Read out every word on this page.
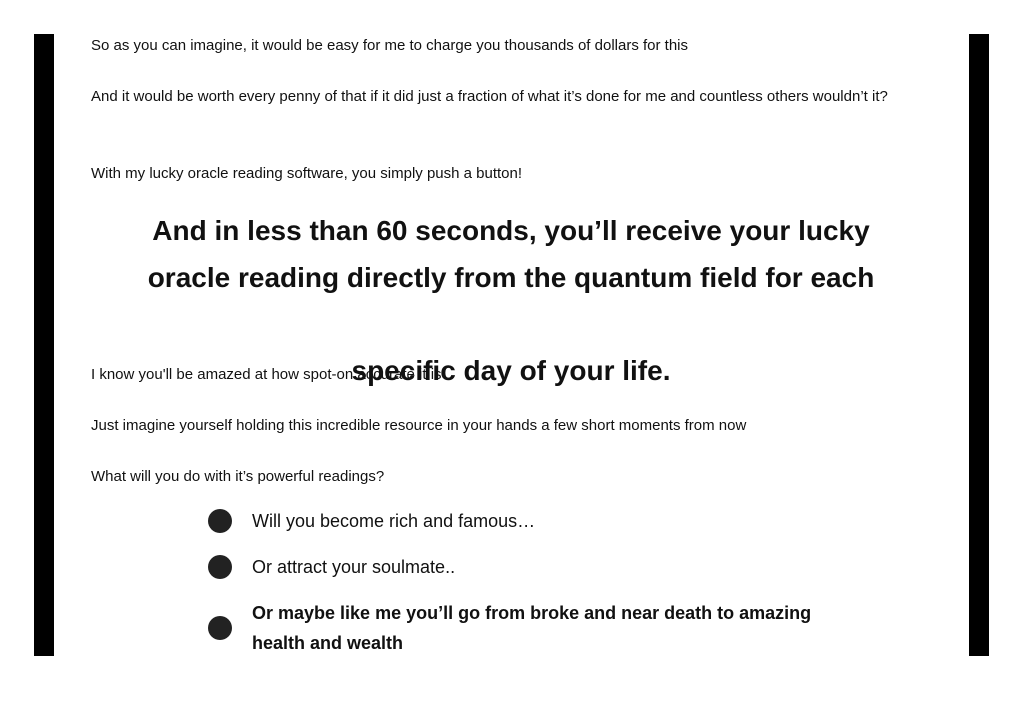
So as you can imagine, it would be easy for me to charge you thousands of dollars for this

And it would be worth every penny of that if it did just a fraction of what it’s done for me and countless others wouldn’t it?

With my lucky oracle reading software, you simply push a button!

I know you'll be amazed at how spot-on accurate it is

Just imagine yourself holding this incredible resource in your hands a few short moments from now

What will you do with it’s powerful readings?

And in less than 60 seconds, you’ll receive your lucky
oracle reading directly from the quantum field for each
specific day of your life.
Will you become rich and famous…
Or attract your soulmate..
Or maybe like me you’ll go from broke and near death to amazing health and wealth
